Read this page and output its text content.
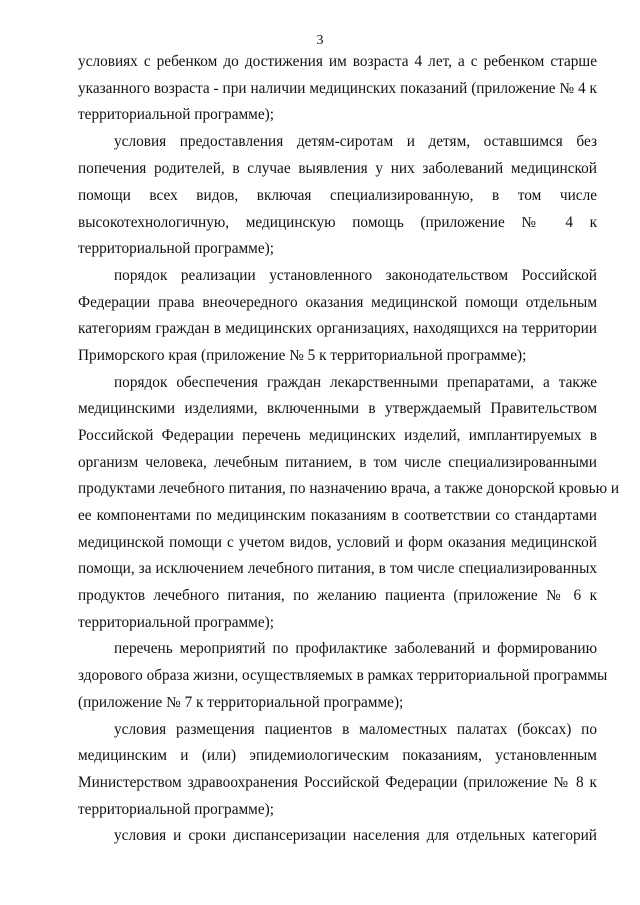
3
условиях с ребенком до достижения им возраста 4 лет, а с ребенком старше
указанного возраста - при наличии медицинских показаний (приложение № 4 к
территориальной программе);
условия предоставления детям-сиротам и детям, оставшимся без
попечения родителей, в случае выявления у них заболеваний медицинской
помощи всех видов, включая специализированную, в том числе
высокотехнологичную, медицинскую помощь (приложение № 4 к
территориальной программе);
порядок реализации установленного законодательством Российской
Федерации права внеочередного оказания медицинской помощи отдельным
категориям граждан в медицинских организациях, находящихся на территории
Приморского края (приложение № 5 к территориальной программе);
порядок обеспечения граждан лекарственными препаратами, а также
медицинскими изделиями, включенными в утверждаемый Правительством
Российской Федерации перечень медицинских изделий, имплантируемых в
организм человека, лечебным питанием, в том числе специализированными
продуктами лечебного питания, по назначению врача, а также донорской кровью и
ее компонентами по медицинским показаниям в соответствии со стандартами
медицинской помощи с учетом видов, условий и форм оказания медицинской
помощи, за исключением лечебного питания, в том числе специализированных
продуктов лечебного питания, по желанию пациента (приложение № 6 к
территориальной программе);
перечень мероприятий по профилактике заболеваний и формированию
здорового образа жизни, осуществляемых в рамках территориальной программы
(приложение № 7 к территориальной программе);
условия размещения пациентов в маломестных палатах (боксах) по
медицинским и (или) эпидемиологическим показаниям, установленным
Министерством здравоохранения Российской Федерации (приложение № 8 к
территориальной программе);
условия и сроки диспансеризации населения для отдельных категорий
